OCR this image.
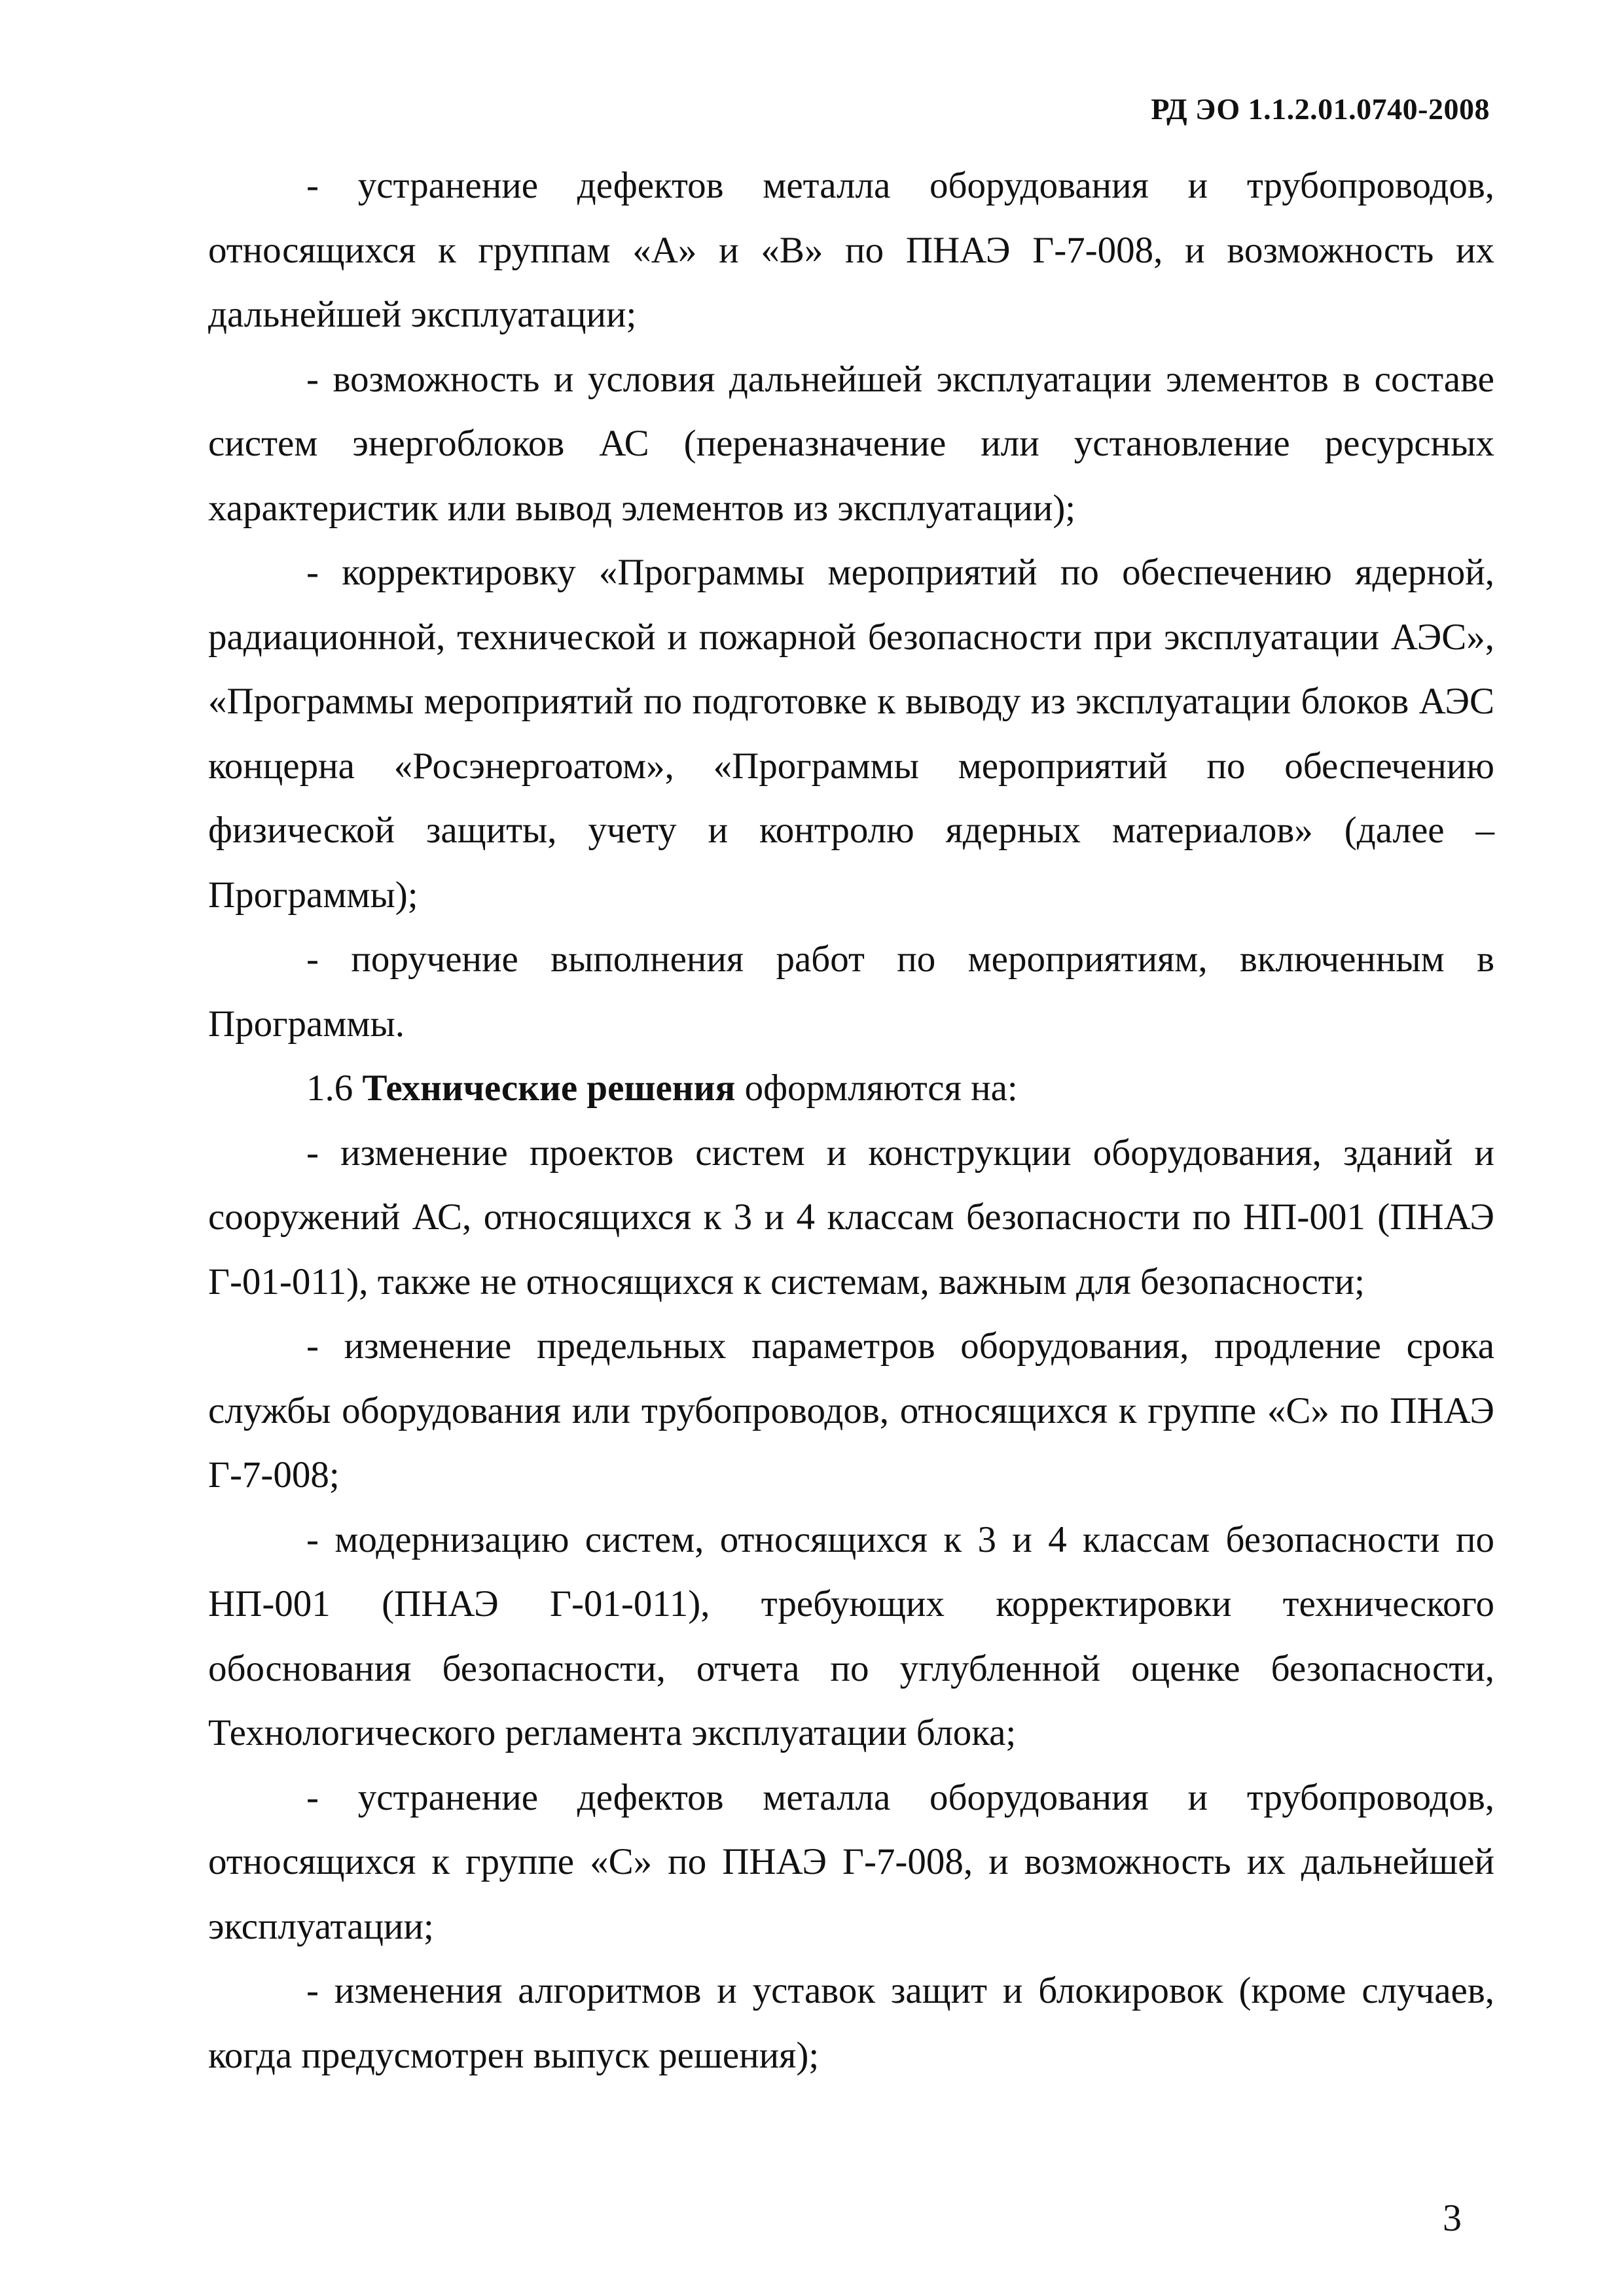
РД ЭО 1.1.2.01.0740-2008

- устранение дефектов металла оборудования и трубопроводов, относящихся к группам «А» и «В» по ПНАЭ Г-7-008, и возможность их дальнейшей эксплуатации;

- возможность и условия дальнейшей эксплуатации элементов в составе систем энергоблоков АС (переназначение или установление ресурсных характеристик или вывод элементов из эксплуатации);

- корректировку «Программы мероприятий по обеспечению ядерной, радиационной, технической и пожарной безопасности при эксплуатации АЭС», «Программы мероприятий по подготовке к выводу из эксплуатации блоков АЭС концерна «Росэнергоатом», «Программы мероприятий по обеспечению физической защиты, учету и контролю ядерных материалов» (далее – Программы);

- поручение выполнения работ по мероприятиям, включенным в Программы.

1.6 Технические решения оформляются на:

- изменение проектов систем и конструкции оборудования, зданий и сооружений АС, относящихся к 3 и 4 классам безопасности по НП-001 (ПНАЭ Г-01-011), также не относящихся к системам, важным для безопасности;

- изменение предельных параметров оборудования, продление срока службы оборудования или трубопроводов, относящихся к группе «С» по ПНАЭ Г-7-008;

- модернизацию систем, относящихся к 3 и 4 классам безопасности по НП-001 (ПНАЭ Г-01-011), требующих корректировки технического обоснования безопасности, отчета по углубленной оценке безопасности, Технологического регламента эксплуатации блока;

- устранение дефектов металла оборудования и трубопроводов, относящихся к группе «С» по ПНАЭ Г-7-008, и возможность их дальнейшей эксплуатации;

- изменения алгоритмов и уставок защит и блокировок (кроме случаев, когда предусмотрен выпуск решения);

3
